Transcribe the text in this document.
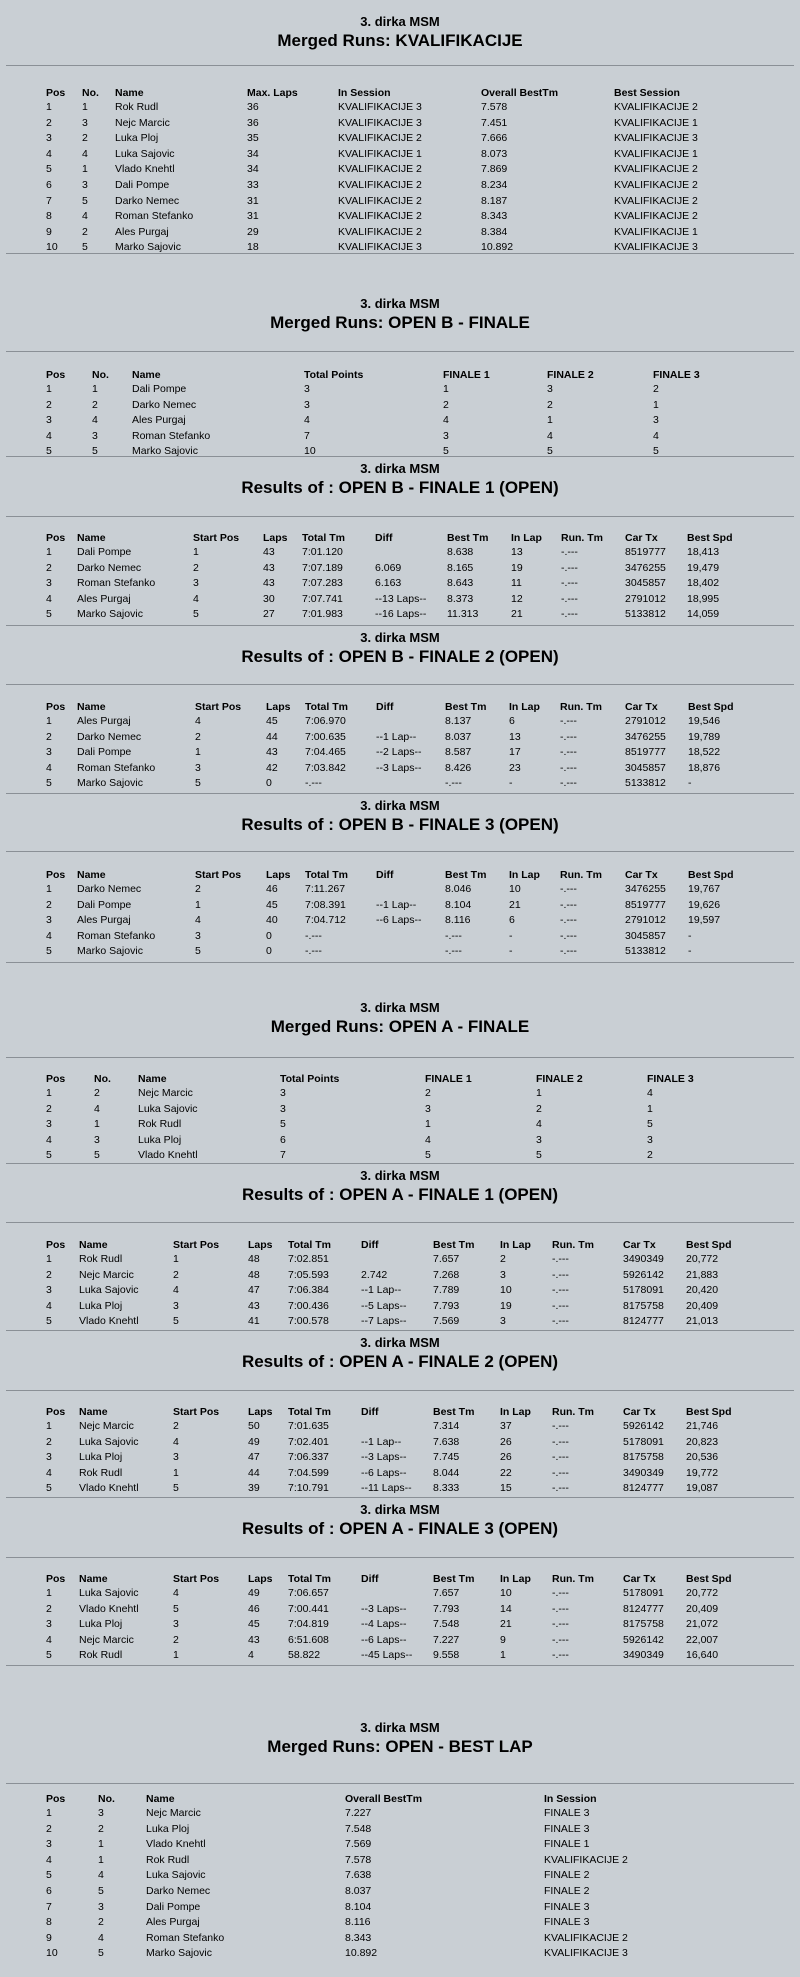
3. dirka MSM
Merged Runs: KVALIFIKACIJE
Pos	No.	Name	Max. Laps	In Session	Overall BestTm	Best Session
1	1	Rok Rudl	36	KVALIFIKACIJE 3	7.578	KVALIFIKACIJE 2
2	3	Nejc Marcic	36	KVALIFIKACIJE 3	7.451	KVALIFIKACIJE 1
3	2	Luka Ploj	35	KVALIFIKACIJE 2	7.666	KVALIFIKACIJE 3
4	4	Luka Sajovic	34	KVALIFIKACIJE 1	8.073	KVALIFIKACIJE 1
5	1	Vlado Knehtl	34	KVALIFIKACIJE 2	7.869	KVALIFIKACIJE 2
6	3	Dali Pompe	33	KVALIFIKACIJE 2	8.234	KVALIFIKACIJE 2
7	5	Darko Nemec	31	KVALIFIKACIJE 2	8.187	KVALIFIKACIJE 2
8	4	Roman Stefanko	31	KVALIFIKACIJE 2	8.343	KVALIFIKACIJE 2
9	2	Ales Purgaj	29	KVALIFIKACIJE 2	8.384	KVALIFIKACIJE 1
10	5	Marko Sajovic	18	KVALIFIKACIJE 3	10.892	KVALIFIKACIJE 3
3. dirka MSM
Merged Runs: OPEN B - FINALE
Pos	No.	Name	Total Points	FINALE 1	FINALE 2	FINALE 3
1	1	Dali Pompe	3	1	3	2
2	2	Darko Nemec	3	2	2	1
3	4	Ales Purgaj	4	4	1	3
4	3	Roman Stefanko	7	3	4	4
5	5	Marko Sajovic	10	5	5	5
3. dirka MSM
Results of : OPEN B - FINALE 1 (OPEN)
Pos	Name	Start Pos	Laps	Total Tm	Diff	Best Tm	In Lap	Run. Tm	Car Tx	Best Spd
1	Dali Pompe	1	43	7:01.120		8.638	13	-.---	8519777	18,413
2	Darko Nemec	2	43	7:07.189	6.069	8.165	19	-.---	3476255	19,479
3	Roman Stefanko	3	43	7:07.283	6.163	8.643	11	-.---	3045857	18,402
4	Ales Purgaj	4	30	7:07.741	--13 Laps--	8.373	12	-.---	2791012	18,995
5	Marko Sajovic	5	27	7:01.983	--16 Laps--	11.313	21	-.---	5133812	14,059
3. dirka MSM
Results of : OPEN B - FINALE 2 (OPEN)
Pos	Name	Start Pos	Laps	Total Tm	Diff	Best Tm	In Lap	Run. Tm	Car Tx	Best Spd
1	Ales Purgaj	4	45	7:06.970		8.137	6	-.---	2791012	19,546
2	Darko Nemec	2	44	7:00.635	--1 Lap--	8.037	13	-.---	3476255	19,789
3	Dali Pompe	1	43	7:04.465	--2 Laps--	8.587	17	-.---	8519777	18,522
4	Roman Stefanko	3	42	7:03.842	--3 Laps--	8.426	23	-.---	3045857	18,876
5	Marko Sajovic	5	0	-.---		-.---	-	-.---	5133812	-
3. dirka MSM
Results of : OPEN B - FINALE 3 (OPEN)
Pos	Name	Start Pos	Laps	Total Tm	Diff	Best Tm	In Lap	Run. Tm	Car Tx	Best Spd
1	Darko Nemec	2	46	7:11.267		8.046	10	-.---	3476255	19,767
2	Dali Pompe	1	45	7:08.391	--1 Lap--	8.104	21	-.---	8519777	19,626
3	Ales Purgaj	4	40	7:04.712	--6 Laps--	8.116	6	-.---	2791012	19,597
4	Roman Stefanko	3	0	-.---		-.---	-	-.---	3045857	-
5	Marko Sajovic	5	0	-.---		-.---	-	-.---	5133812	-
3. dirka MSM
Merged Runs: OPEN A - FINALE
Pos	No.	Name	Total Points	FINALE 1	FINALE 2	FINALE 3
1	2	Nejc Marcic	3	2	1	4
2	4	Luka Sajovic	3	3	2	1
3	1	Rok Rudl	5	1	4	5
4	3	Luka Ploj	6	4	3	3
5	5	Vlado Knehtl	7	5	5	2
3. dirka MSM
Results of : OPEN A - FINALE 1 (OPEN)
Pos	Name	Start Pos	Laps	Total Tm	Diff	Best Tm	In Lap	Run. Tm	Car Tx	Best Spd
1	Rok Rudl	1	48	7:02.851		7.657	2	-.---	3490349	20,772
2	Nejc Marcic	2	48	7:05.593	2.742	7.268	3	-.---	5926142	21,883
3	Luka Sajovic	4	47	7:06.384	--1 Lap--	7.789	10	-.---	5178091	20,420
4	Luka Ploj	3	43	7:00.436	--5 Laps--	7.793	19	-.---	8175758	20,409
5	Vlado Knehtl	5	41	7:00.578	--7 Laps--	7.569	3	-.---	8124777	21,013
3. dirka MSM
Results of : OPEN A - FINALE 2 (OPEN)
Pos	Name	Start Pos	Laps	Total Tm	Diff	Best Tm	In Lap	Run. Tm	Car Tx	Best Spd
1	Nejc Marcic	2	50	7:01.635		7.314	37	-.---	5926142	21,746
2	Luka Sajovic	4	49	7:02.401	--1 Lap--	7.638	26	-.---	5178091	20,823
3	Luka Ploj	3	47	7:06.337	--3 Laps--	7.745	26	-.---	8175758	20,536
4	Rok Rudl	1	44	7:04.599	--6 Laps--	8.044	22	-.---	3490349	19,772
5	Vlado Knehtl	5	39	7:10.791	--11 Laps--	8.333	15	-.---	8124777	19,087
3. dirka MSM
Results of : OPEN A - FINALE 3 (OPEN)
Pos	Name	Start Pos	Laps	Total Tm	Diff	Best Tm	In Lap	Run. Tm	Car Tx	Best Spd
1	Luka Sajovic	4	49	7:06.657		7.657	10	-.---	5178091	20,772
2	Vlado Knehtl	5	46	7:00.441	--3 Laps--	7.793	14	-.---	8124777	20,409
3	Luka Ploj	3	45	7:04.819	--4 Laps--	7.548	21	-.---	8175758	21,072
4	Nejc Marcic	2	43	6:51.608	--6 Laps--	7.227	9	-.---	5926142	22,007
5	Rok Rudl	1	4	58.822	--45 Laps--	9.558	1	-.---	3490349	16,640
3. dirka MSM
Merged Runs: OPEN - BEST LAP
Pos	No.	Name	Overall BestTm	In Session
1	3	Nejc Marcic	7.227	FINALE 3
2	2	Luka Ploj	7.548	FINALE 3
3	1	Vlado Knehtl	7.569	FINALE 1
4	1	Rok Rudl	7.578	KVALIFIKACIJE 2
5	4	Luka Sajovic	7.638	FINALE 2
6	5	Darko Nemec	8.037	FINALE 2
7	3	Dali Pompe	8.104	FINALE 3
8	2	Ales Purgaj	8.116	FINALE 3
9	4	Roman Stefanko	8.343	KVALIFIKACIJE 2
10	5	Marko Sajovic	10.892	KVALIFIKACIJE 3
